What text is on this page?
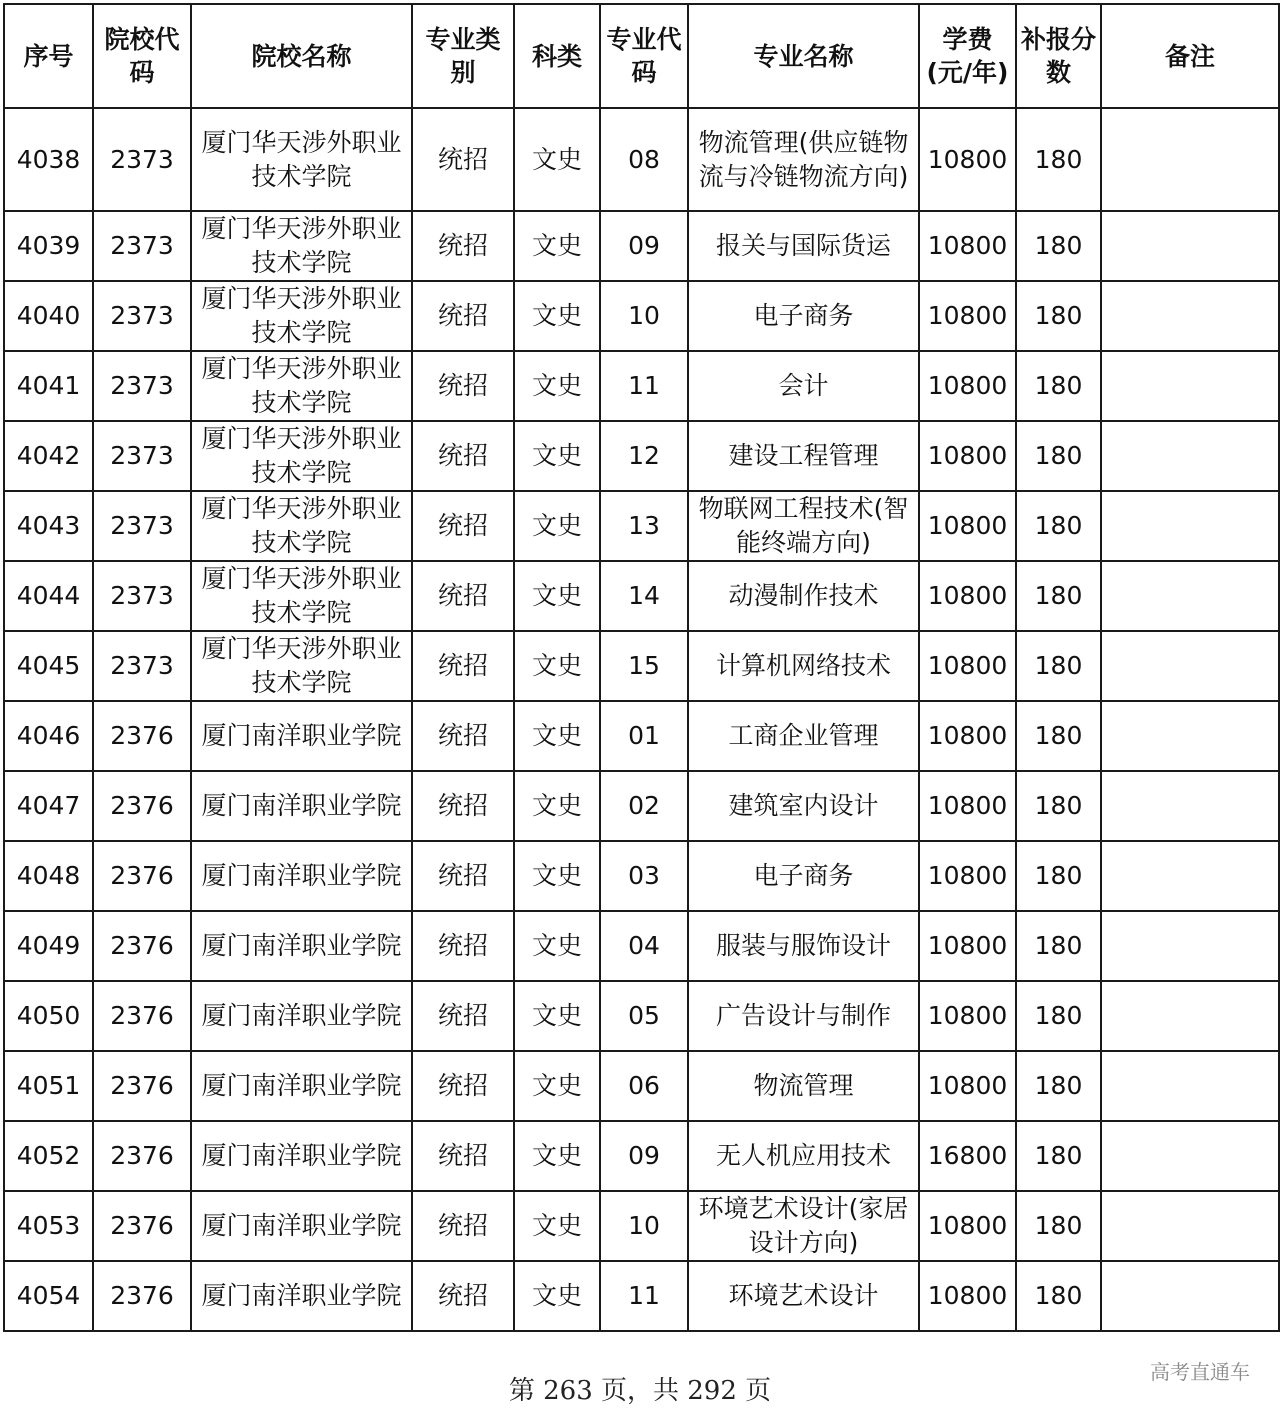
序号	院校代码	院校名称	专业类别	科类	专业代码	专业名称	学费(元/年)	补报分数	备注
4038	2373	厦门华天涉外职业技术学院	统招	文史	08	物流管理(供应链物流与冷链物流方向)	10800	180	
4039	2373	厦门华天涉外职业技术学院	统招	文史	09	报关与国际货运	10800	180	
4040	2373	厦门华天涉外职业技术学院	统招	文史	10	电子商务	10800	180	
4041	2373	厦门华天涉外职业技术学院	统招	文史	11	会计	10800	180	
4042	2373	厦门华天涉外职业技术学院	统招	文史	12	建设工程管理	10800	180	
4043	2373	厦门华天涉外职业技术学院	统招	文史	13	物联网工程技术(智能终端方向)	10800	180	
4044	2373	厦门华天涉外职业技术学院	统招	文史	14	动漫制作技术	10800	180	
4045	2373	厦门华天涉外职业技术学院	统招	文史	15	计算机网络技术	10800	180	
4046	2376	厦门南洋职业学院	统招	文史	01	工商企业管理	10800	180	
4047	2376	厦门南洋职业学院	统招	文史	02	建筑室内设计	10800	180	
4048	2376	厦门南洋职业学院	统招	文史	03	电子商务	10800	180	
4049	2376	厦门南洋职业学院	统招	文史	04	服装与服饰设计	10800	180	
4050	2376	厦门南洋职业学院	统招	文史	05	广告设计与制作	10800	180	
4051	2376	厦门南洋职业学院	统招	文史	06	物流管理	10800	180	
4052	2376	厦门南洋职业学院	统招	文史	09	无人机应用技术	16800	180	
4053	2376	厦门南洋职业学院	统招	文史	10	环境艺术设计(家居设计方向)	10800	180	
4054	2376	厦门南洋职业学院	统招	文史	11	环境艺术设计	10800	180	
第 263 页，共 292 页
高考直通车
